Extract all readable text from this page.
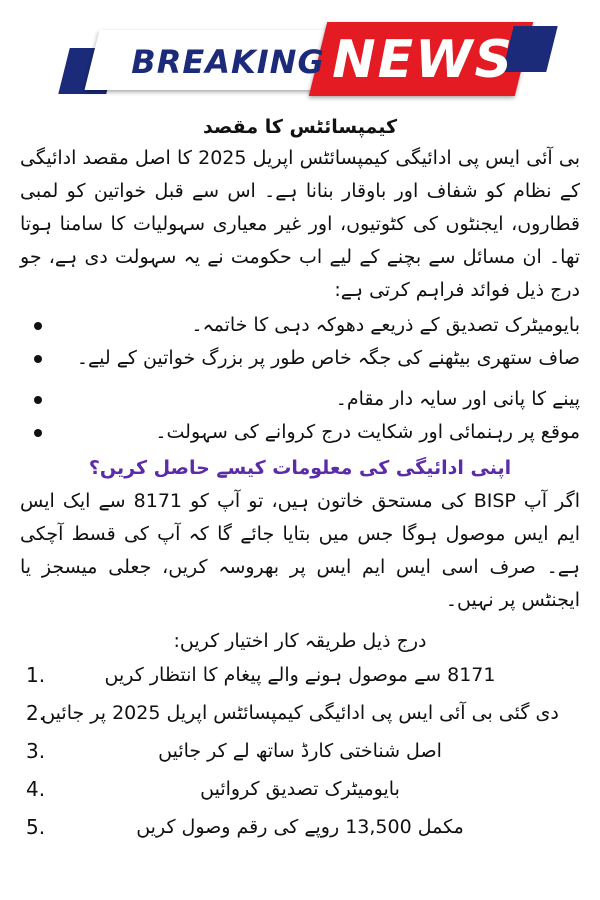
BREAKING NEWS
کیمپسائٹس کا مقصد

بی آئی ایس پی ادائیگی کیمپسائٹس اپریل 2025 کا اصل مقصد ادائیگی کے نظام کو شفاف اور باوقار بنانا ہے۔ اس سے قبل خواتین کو لمبی قطاروں، ایجنٹوں کی کٹوتیوں، اور غیر معیاری سہولیات کا سامنا ہوتا تھا۔ ان مسائل سے بچنے کے لیے اب حکومت نے یہ سہولت دی ہے، جو درج ذیل فوائد فراہم کرتی ہے:

بایومیٹرک تصدیق کے ذریعے دھوکہ دہی کا خاتمہ۔
صاف ستھری بیٹھنے کی جگہ خاص طور پر بزرگ خواتین کے لیے۔
پینے کا پانی اور سایہ دار مقام۔
موقع پر رہنمائی اور شکایت درج کروانے کی سہولت۔
اپنی ادائیگی کی معلومات کیسے حاصل کریں؟

اگر آپ BISP کی مستحق خاتون ہیں، تو آپ کو 8171 سے ایک ایس ایم ایس موصول ہوگا جس میں بتایا جائے گا کہ آپ کی قسط آچکی ہے۔ صرف اسی ایس ایم ایس پر بھروسہ کریں، جعلی میسجز یا ایجنٹس پر نہیں۔

درج ذیل طریقہ کار اختیار کریں:
1.	8171 سے موصول ہونے والے پیغام کا انتظار کریں
2.
دی گئی بی آئی ایس پی ادائیگی کیمپسائٹس اپریل 2025 پر جائیں
3.	اصل شناختی کارڈ ساتھ لے کر جائیں
4.	بایومیٹرک تصدیق کروائیں
5.	مکمل 13,500 روپے کی رقم وصول کریں
